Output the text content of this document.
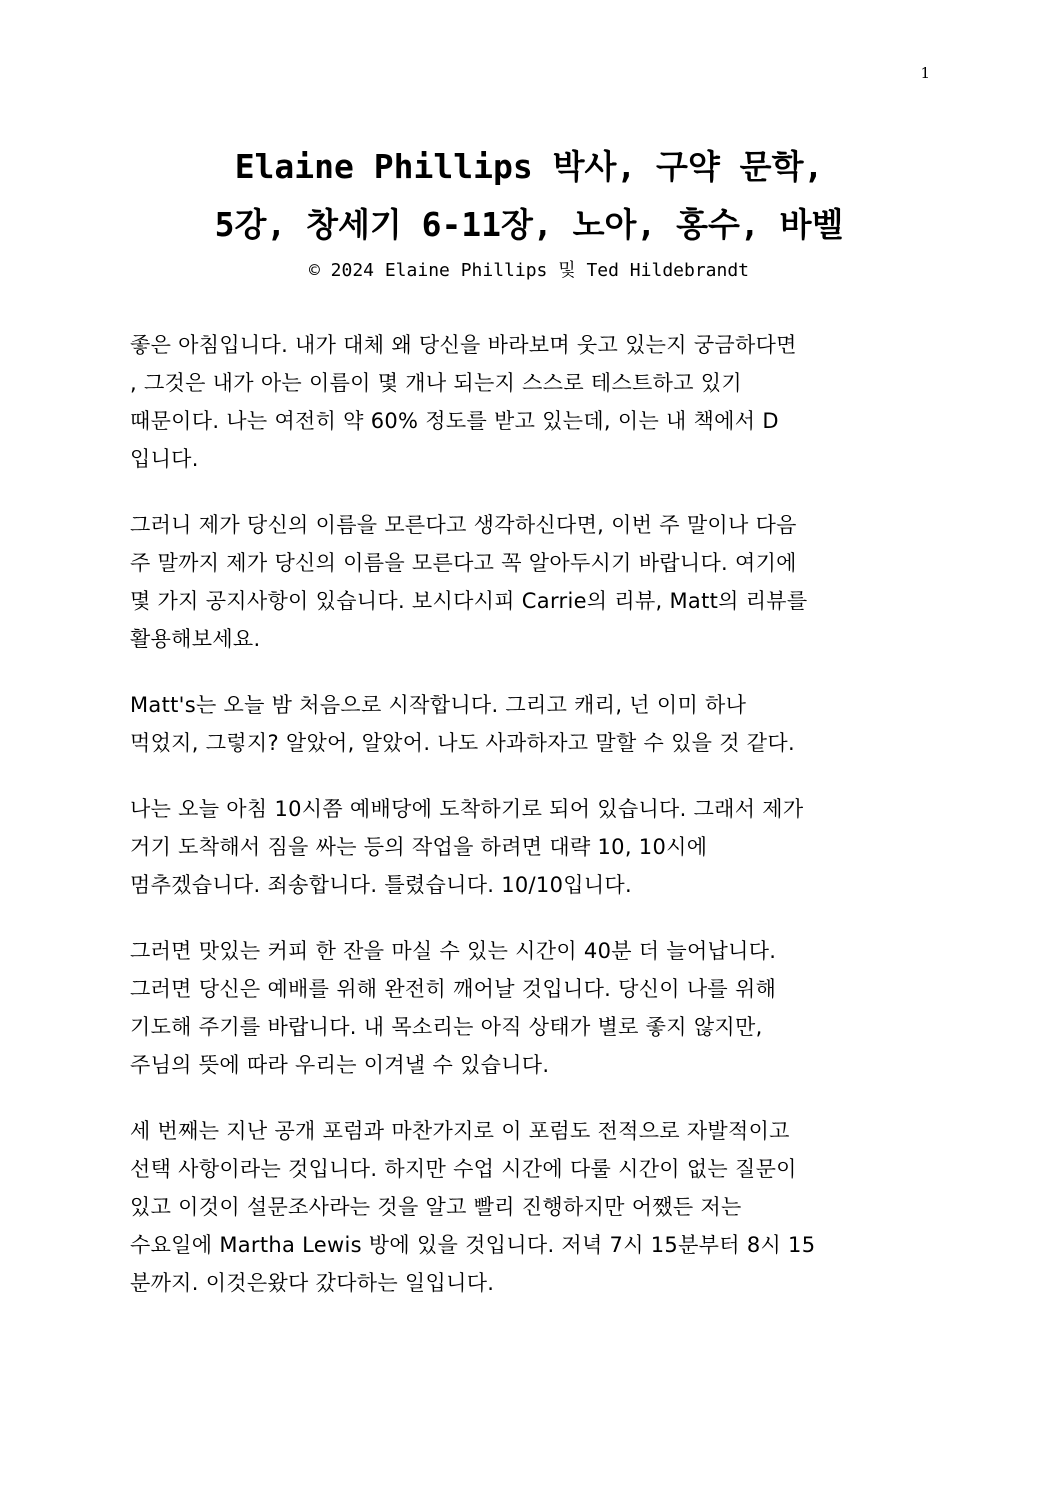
1
Elaine Phillips 박사, 구약 문학,
5강, 창세기 6-11장, 노아, 홍수, 바벨
© 2024 Elaine Phillips 및 Ted Hildebrandt

좋은 아침입니다. 내가 대체 왜 당신을 바라보며 웃고 있는지 궁금하다면
, 그것은 내가 아는 이름이 몇 개나 되는지 스스로 테스트하고 있기
때문이다. 나는 여전히 약 60% 정도를 받고 있는데, 이는 내 책에서 D
입니다.

그러니 제가 당신의 이름을 모른다고 생각하신다면, 이번 주 말이나 다음
주 말까지 제가 당신의 이름을 모른다고 꼭 알아두시기 바랍니다. 여기에
몇 가지 공지사항이 있습니다. 보시다시피 Carrie의 리뷰, Matt의 리뷰를
활용해보세요.

Matt's는 오늘 밤 처음으로 시작합니다. 그리고 캐리, 넌 이미 하나
먹었지, 그렇지? 알았어, 알았어. 나도 사과하자고 말할 수 있을 것 같다.

나는 오늘 아침 10시쯤 예배당에 도착하기로 되어 있습니다. 그래서 제가
거기 도착해서 짐을 싸는 등의 작업을 하려면 대략 10, 10시에
멈추겠습니다. 죄송합니다. 틀렸습니다. 10/10입니다.

그러면 맛있는 커피 한 잔을 마실 수 있는 시간이 40분 더 늘어납니다.
그러면 당신은 예배를 위해 완전히 깨어날 것입니다. 당신이 나를 위해
기도해 주기를 바랍니다. 내 목소리는 아직 상태가 별로 좋지 않지만,
주님의 뜻에 따라 우리는 이겨낼 수 있습니다.

세 번째는 지난 공개 포럼과 마찬가지로 이 포럼도 전적으로 자발적이고
선택 사항이라는 것입니다. 하지만 수업 시간에 다룰 시간이 없는 질문이
있고 이것이 설문조사라는 것을 알고 빨리 진행하지만 어쨌든 저는
수요일에 Martha Lewis 방에 있을 것입니다. 저녁 7시 15분부터 8시 15
분까지. 이것은왔다 갔다하는 일입니다.
